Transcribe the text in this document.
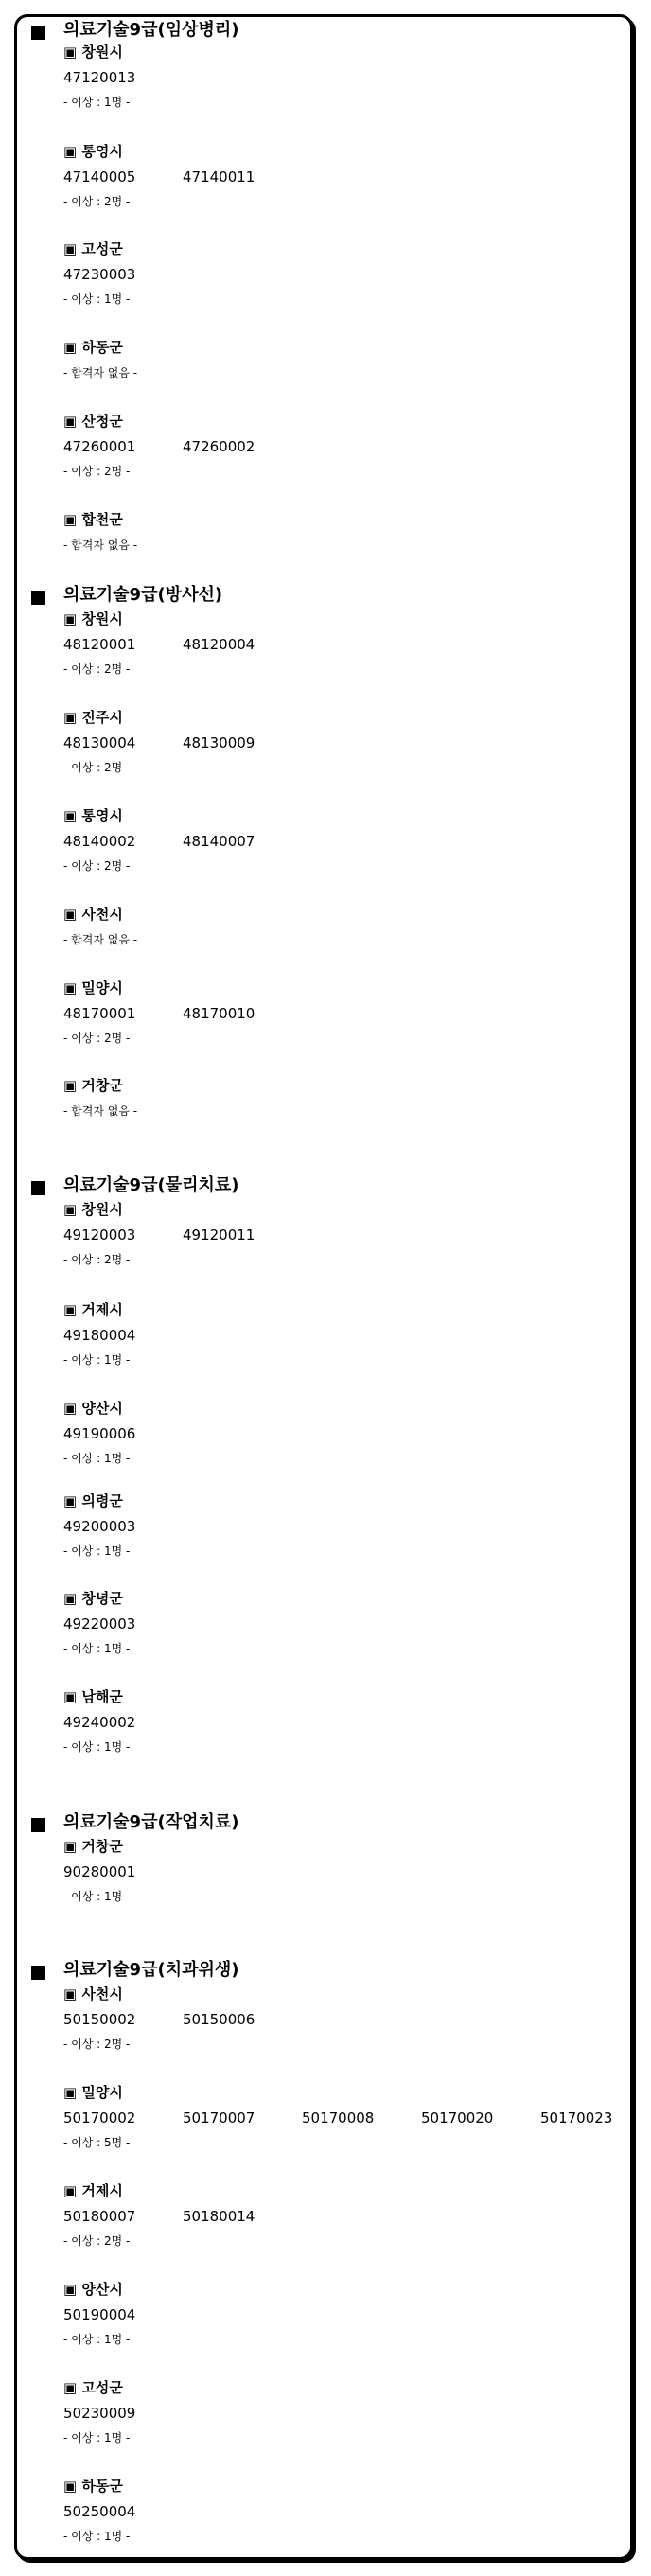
의료기술9급(임상병리)
▣ 창원시
47120013
- 이상 : 1명 -
▣ 통영시
47140005	47140011
- 이상 : 2명 -
▣ 고성군
47230003
- 이상 : 1명 -
▣ 하동군
- 합격자 없음 -
▣ 산청군
47260001	47260002
- 이상 : 2명 -
▣ 합천군
- 합격자 없음 -
의료기술9급(방사선)
▣ 창원시
48120001	48120004
- 이상 : 2명 -
▣ 진주시
48130004	48130009
- 이상 : 2명 -
▣ 통영시
48140002	48140007
- 이상 : 2명 -
▣ 사천시
- 합격자 없음 -
▣ 밀양시
48170001	48170010
- 이상 : 2명 -
▣ 거창군
- 합격자 없음 -
의료기술9급(물리치료)
▣ 창원시
49120003	49120011
- 이상 : 2명 -
▣ 거제시
49180004
- 이상 : 1명 -
▣ 양산시
49190006
- 이상 : 1명 -
▣ 의령군
49200003
- 이상 : 1명 -
▣ 창녕군
49220003
- 이상 : 1명 -
▣ 남해군
49240002
- 이상 : 1명 -
의료기술9급(작업치료)
▣ 거창군
90280001
- 이상 : 1명 -
의료기술9급(치과위생)
▣ 사천시
50150002	50150006
- 이상 : 2명 -
▣ 밀양시
50170002	50170007	50170008	50170020	50170023
- 이상 : 5명 -
▣ 거제시
50180007	50180014
- 이상 : 2명 -
▣ 양산시
50190004
- 이상 : 1명 -
▣ 고성군
50230009
- 이상 : 1명 -
▣ 하동군
50250004
- 이상 : 1명 -
